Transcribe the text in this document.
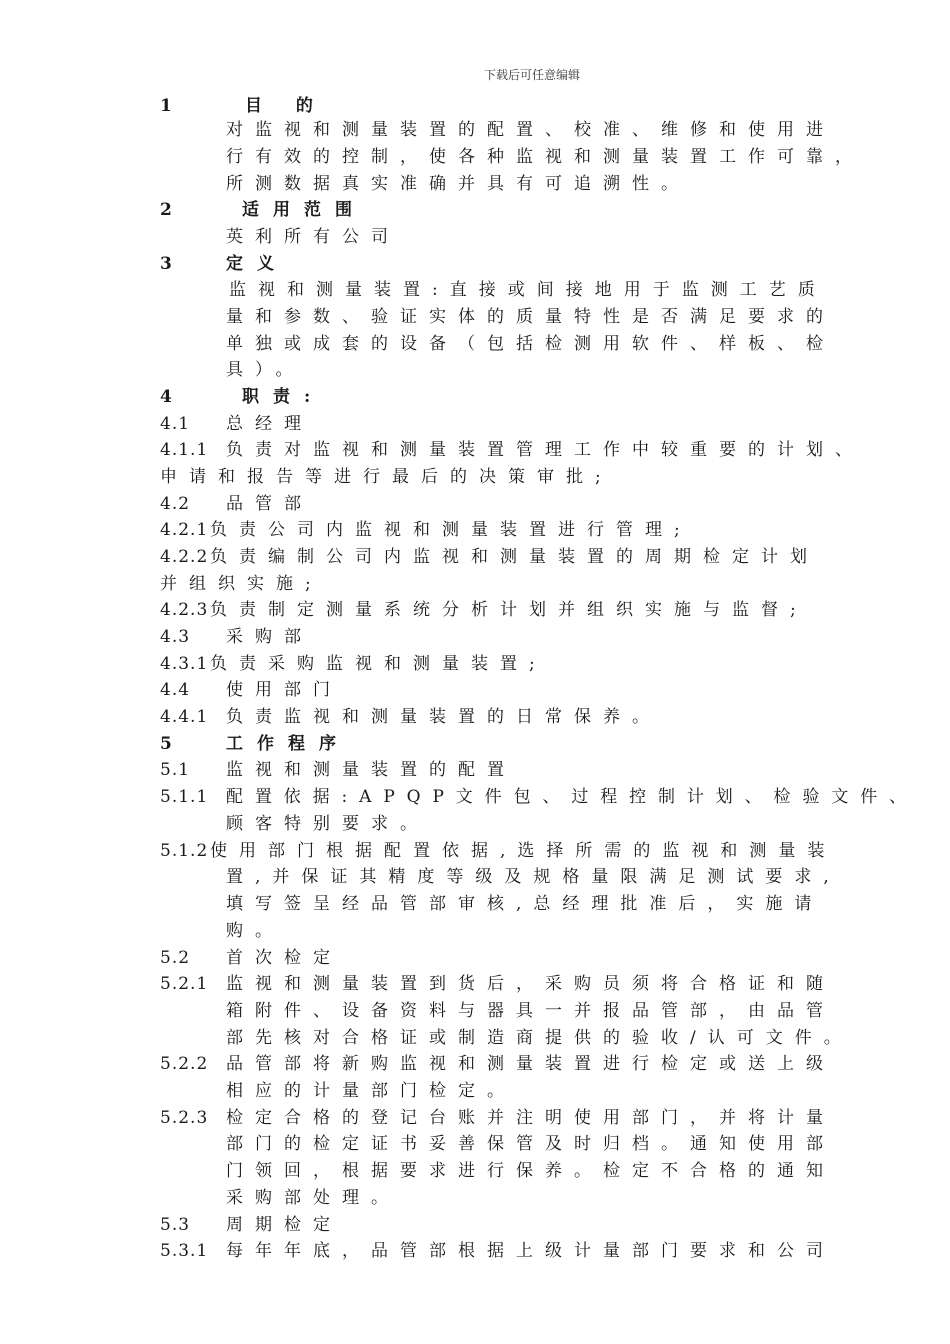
下载后可任意编辑
1	目 的
对监视和测量装置的配置、校准、维修和使用进
行有效的控制，使各种监视和测量装置工作可靠，
所测数据真实准确并具有可追溯性。
2	适用范围
英利所有公司
3	定义
监视和测量装置:直接或间接地用于监测工艺质
量和参数、验证实体的质量特性是否满足要求的
单独或成套的设备（包括检测用软件、样板、检
具）。
4	职责:
4.1 总经理
4.1.1 负责对监视和测量装置管理工作中较重要的计划、
申请和报告等进行最后的决策审批;
4.2 品管部
4.2.1 负责公司内监视和测量装置进行管理;
4.2.2 负责编制公司内监视和测量装置的周期检定计划
并组织实施;
4.2.3 负责制定测量系统分析计划并组织实施与监督;
4.3 采购部
4.3.1 负责采购监视和测量装置;
4.4 使用部门
4.4.1 负责监视和测量装置的日常保养。
5	工作程序
5.1 监视和测量装置的配置
5.1.1 配置依据:APQP文件包、过程控制计划、检验文件、
顾客特别要求。
5.1.2 使用部门根据配置依据,选择所需的监视和测量装
置,并保证其精度等级及规格量限满足测试要求,
填写签呈经品管部审核,总经理批准后，实施请
购。
5.2 首次检定
5.2.1 监视和测量装置到货后，采购员须将合格证和随
箱附件、设备资料与器具一并报品管部，由品管
部先核对合格证或制造商提供的验收/认可文件。
5.2.2 品管部将新购监视和测量装置进行检定或送上级
相应的计量部门检定。
5.2.3 检定合格的登记台账并注明使用部门，并将计量
部门的检定证书妥善保管及时归档。通知使用部
门领回，根据要求进行保养。检定不合格的通知
采购部处理。
5.3 周期检定
5.3.1 每年年底，品管部根据上级计量部门要求和公司
